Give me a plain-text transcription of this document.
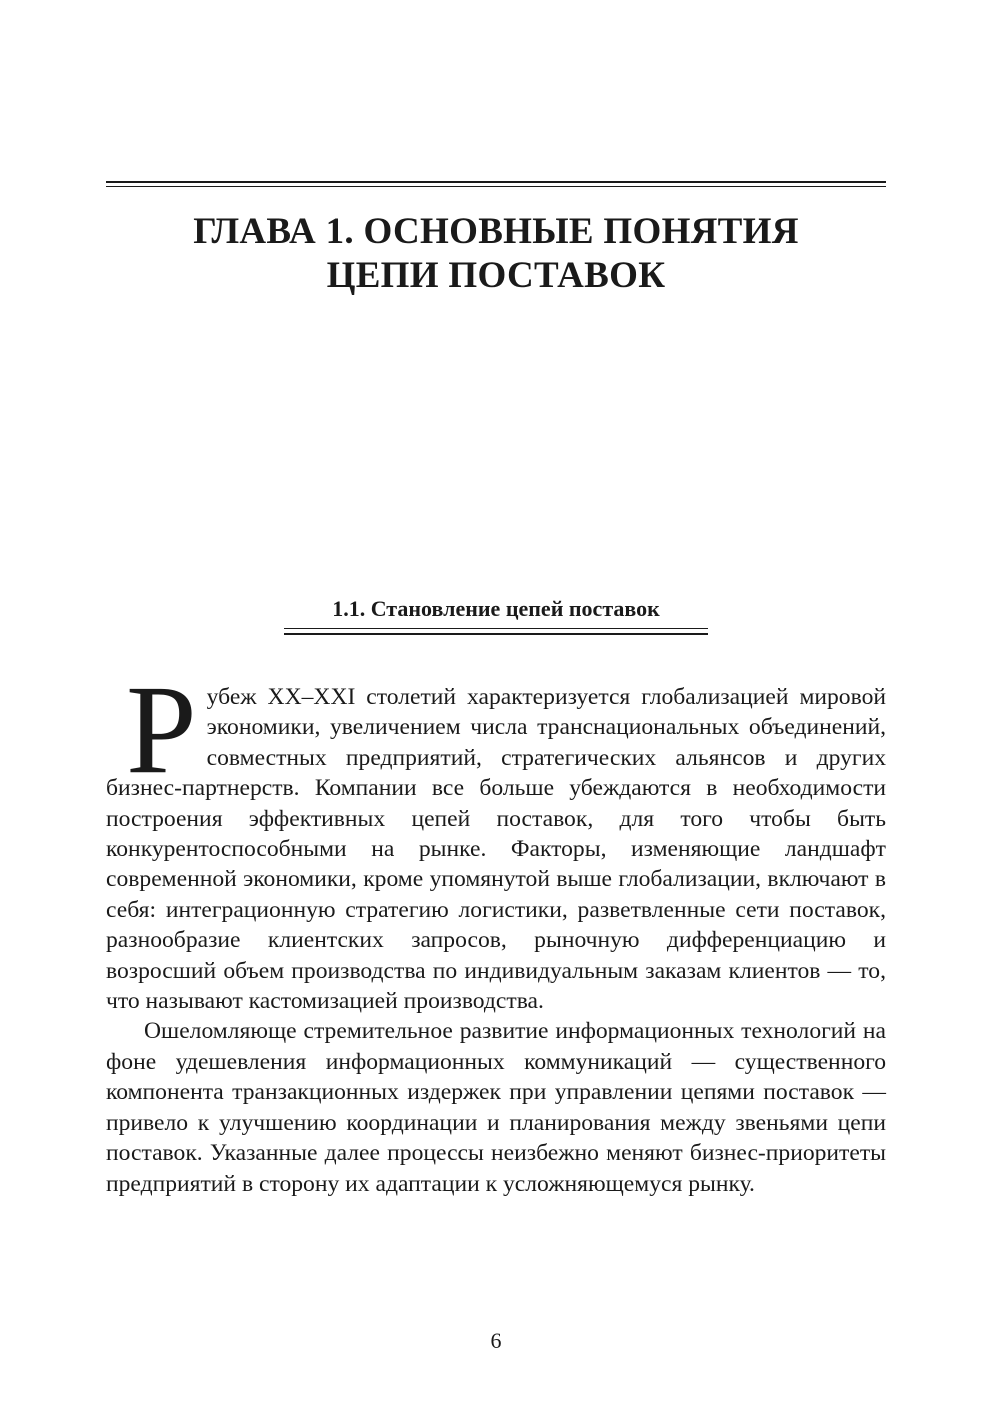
ГЛАВА 1. ОСНОВНЫЕ ПОНЯТИЯ
ЦЕПИ ПОСТАВОК
1.1. Становление цепей поставок

Рубеж XX–XXI столетий характеризуется глобализацией мировой экономики, увеличением числа транснациональных объединений, совместных предприятий, стратегических альянсов и других бизнес-партнерств. Компании все больше убеждаются в необходимости построения эффективных цепей поставок, для того чтобы быть конкурентоспособными на рынке. Факторы, изменяющие ландшафт современной экономики, кроме упомянутой выше глобализации, включают в себя: интеграционную стратегию логистики, разветвленные сети поставок, разнообразие клиентских запросов, рыночную дифференциацию и возросший объем производства по индивидуальным заказам клиентов — то, что называют кастомизацией производства.

Ошеломляюще стремительное развитие информационных технологий на фоне удешевления информационных коммуникаций — существенного компонента транзакционных издержек при управлении цепями поставок — привело к улучшению координации и планирования между звеньями цепи поставок. Указанные далее процессы неизбежно меняют бизнес-приоритеты предприятий в сторону их адаптации к усложняющемуся рынку.

6
